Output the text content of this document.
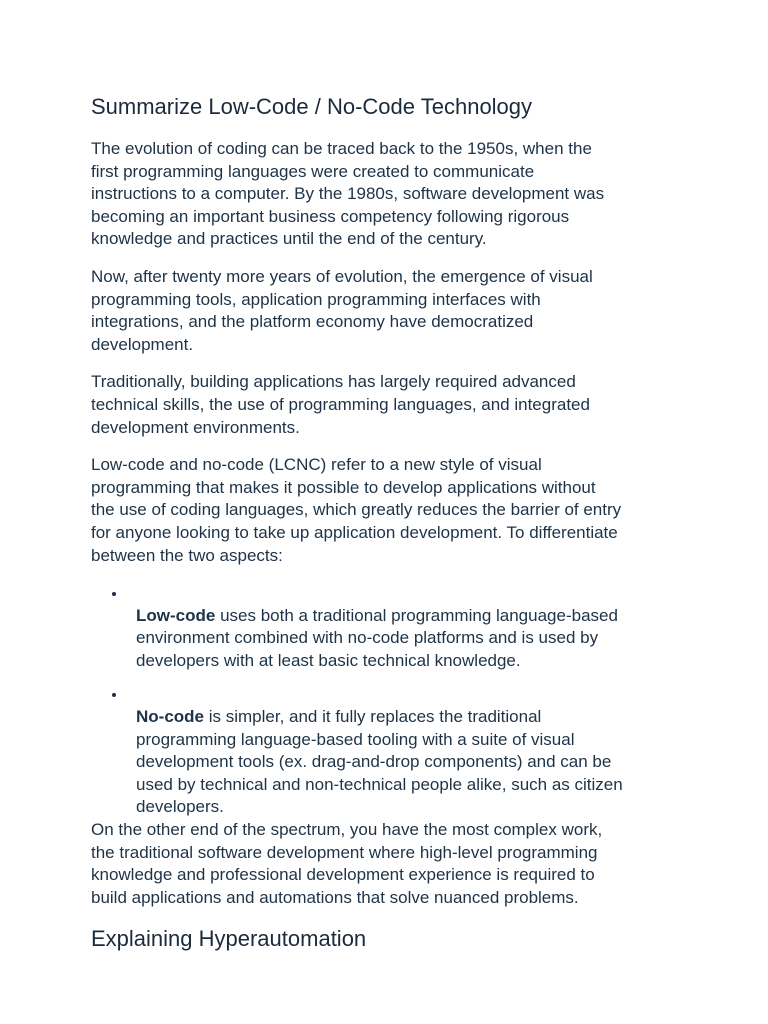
Summarize Low-Code / No-Code Technology

The evolution of coding can be traced back to the 1950s, when the
first programming languages were created to communicate
instructions to a computer. By the 1980s, software development was
becoming an important business competency following rigorous
knowledge and practices until the end of the century.

Now, after twenty more years of evolution, the emergence of visual
programming tools, application programming interfaces with
integrations, and the platform economy have democratized
development.

Traditionally, building applications has largely required advanced
technical skills, the use of programming languages, and integrated
development environments.

Low-code and no-code (LCNC) refer to a new style of visual
programming that makes it possible to develop applications without
the use of coding languages, which greatly reduces the barrier of entry
for anyone looking to take up application development. To differentiate
between the two aspects:

Low-code uses both a traditional programming language-based
environment combined with no-code platforms and is used by
developers with at least basic technical knowledge.

No-code is simpler, and it fully replaces the traditional
programming language-based tooling with a suite of visual
development tools (ex. drag-and-drop components) and can be
used by technical and non-technical people alike, such as citizen
developers.

On the other end of the spectrum, you have the most complex work,
the traditional software development where high-level programming
knowledge and professional development experience is required to
build applications and automations that solve nuanced problems.

Explaining Hyperautomation
